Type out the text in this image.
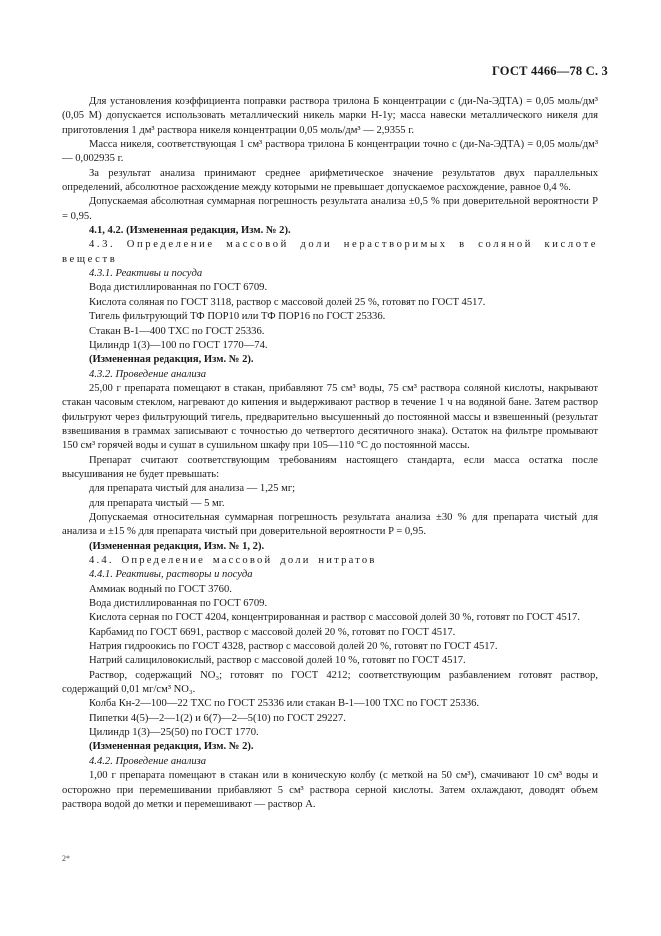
ГОСТ 4466—78 С. 3

Для установления коэффициента поправки раствора трилона Б концентрации с (ди-Na-ЭДТА) = 0,05 моль/дм³ (0,05 М) допускается использовать металлический никель марки Н-1у; масса навески металлического никеля для приготовления 1 дм³ раствора никеля концентрации 0,05 моль/дм³ — 2,9355 г.

Масса никеля, соответствующая 1 см³ раствора трилона Б концентрации точно с (ди-Na-ЭДТА) = 0,05 моль/дм³ — 0,002935 г.

За результат анализа принимают среднее арифметическое значение результатов двух параллельных определений, абсолютное расхождение между которыми не превышает допускаемое расхождение, равное 0,4 %.

Допускаемая абсолютная суммарная погрешность результата анализа ±0,5 % при доверительной вероятности P = 0,95.

4.1, 4.2. (Измененная редакция, Изм. № 2).

4.3. Определение массовой доли нерастворимых в соляной кислоте веществ

4.3.1. Реактивы и посуда

Вода дистиллированная по ГОСТ 6709.

Кислота соляная по ГОСТ 3118, раствор с массовой долей 25 %, готовят по ГОСТ 4517.

Тигель фильтрующий ТФ ПОР10 или ТФ ПОР16 по ГОСТ 25336.

Стакан В-1—400 ТХС по ГОСТ 25336.

Цилиндр 1(3)—100 по ГОСТ 1770—74.

(Измененная редакция, Изм. № 2).

4.3.2. Проведение анализа

25,00 г препарата помещают в стакан, прибавляют 75 см³ воды, 75 см³ раствора соляной кислоты, накрывают стакан часовым стеклом, нагревают до кипения и выдерживают раствор в течение 1 ч на водяной бане. Затем раствор фильтруют через фильтрующий тигель, предварительно высушенный до постоянной массы и взвешенный (результат взвешивания в граммах записывают с точностью до четвертого десятичного знака). Остаток на фильтре промывают 150 см³ горячей воды и сушат в сушильном шкафу при 105—110 °С до постоянной массы.

Препарат считают соответствующим требованиям настоящего стандарта, если масса остатка после высушивания не будет превышать:

для препарата чистый для анализа — 1,25 мг;

для препарата чистый — 5 мг.

Допускаемая относительная суммарная погрешность результата анализа ±30 % для препарата чистый для анализа и ±15 % для препарата чистый при доверительной вероятности P = 0,95.

(Измененная редакция, Изм. № 1, 2).

4.4. Определение массовой доли нитратов

4.4.1. Реактивы, растворы и посуда

Аммиак водный по ГОСТ 3760.

Вода дистиллированная по ГОСТ 6709.

Кислота серная по ГОСТ 4204, концентрированная и раствор с массовой долей 30 %, готовят по ГОСТ 4517.

Карбамид по ГОСТ 6691, раствор с массовой долей 20 %, готовят по ГОСТ 4517.

Натрия гидроокись по ГОСТ 4328, раствор с массовой долей 20 %, готовят по ГОСТ 4517.

Натрий салициловокислый, раствор с массовой долей 10 %, готовят по ГОСТ 4517.

Раствор, содержащий NO₃; готовят по ГОСТ 4212; соответствующим разбавлением готовят раствор, содержащий 0,01 мг/см³ NO₃.

Колба Кн-2—100—22 ТХС по ГОСТ 25336 или стакан В-1—100 ТХС по ГОСТ 25336.

Пипетки 4(5)—2—1(2) и 6(7)—2—5(10) по ГОСТ 29227.

Цилиндр 1(3)—25(50) по ГОСТ 1770.

(Измененная редакция, Изм. № 2).

4.4.2. Проведение анализа

1,00 г препарата помещают в стакан или в коническую колбу (с меткой на 50 см³), смачивают 10 см³ воды и осторожно при перемешивании прибавляют 5 см³ раствора серной кислоты. Затем охлаждают, доводят объем раствора водой до метки и перемешивают — раствор А.

2*
